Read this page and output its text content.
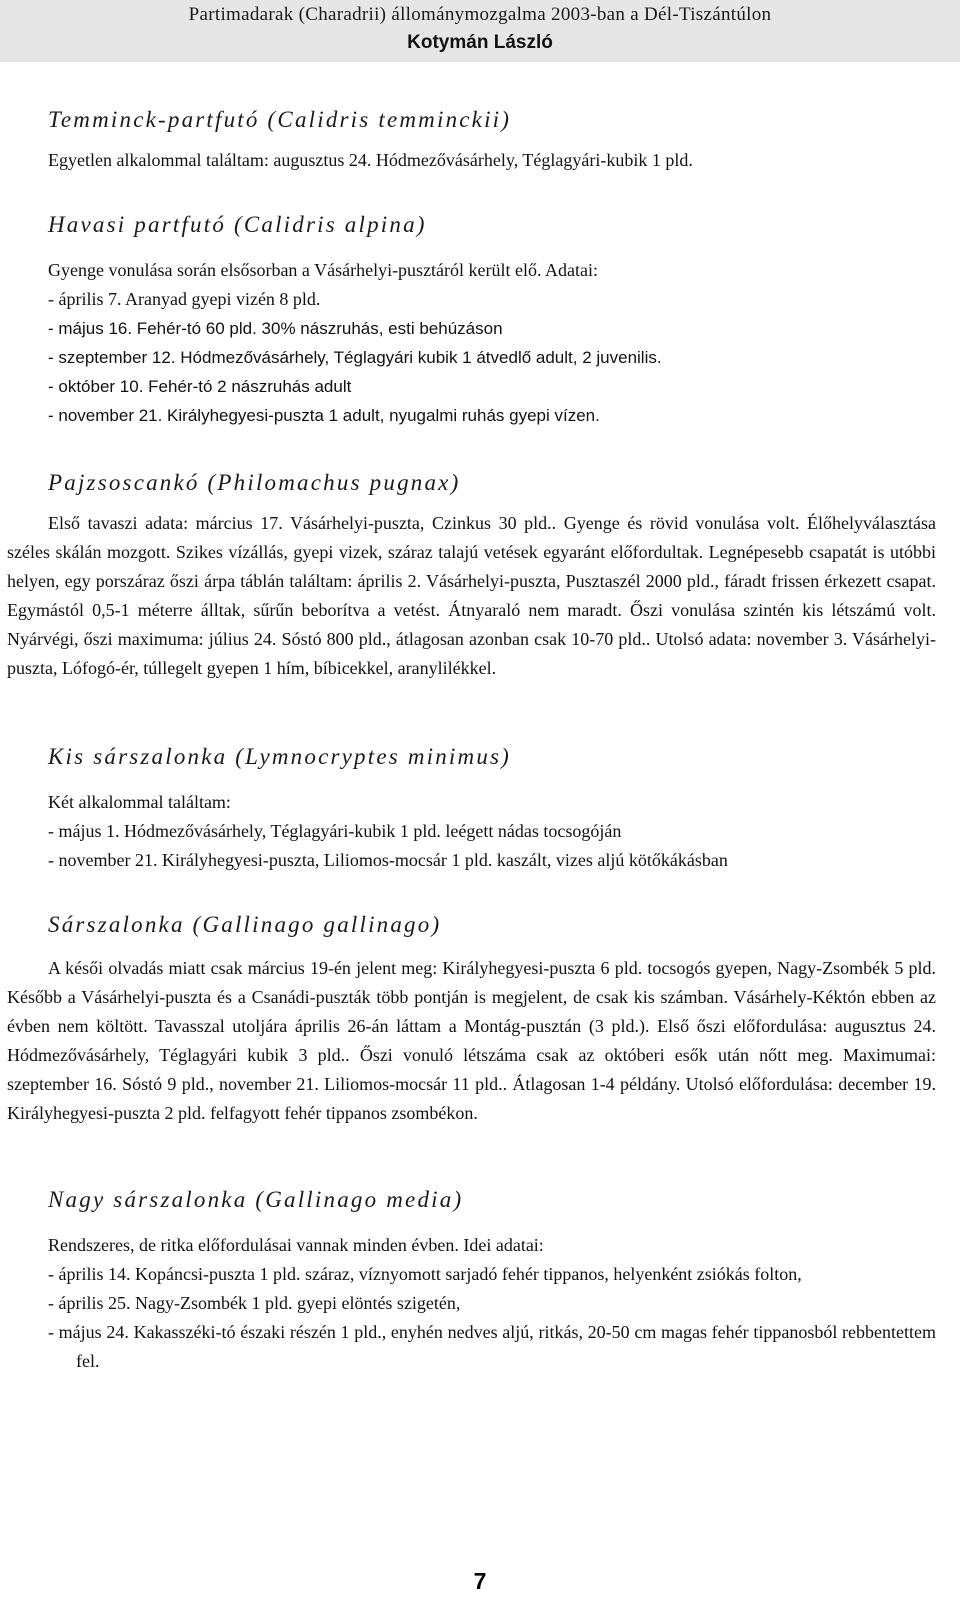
Partimadarak (Charadrii) állománymozgalma 2003-ban a Dél-Tiszántúlon
Kotymán László
Temminck-partfutó (Calidris temminckii)
Egyetlen alkalommal találtam: augusztus 24. Hódmezővásárhely, Téglagyári-kubik 1 pld.
Havasi partfutó (Calidris alpina)
Gyenge vonulása során elsősorban a Vásárhelyi-pusztáról került elő. Adatai:
- április 7. Aranyad gyepi vizén 8 pld.
- május 16. Fehér-tó 60 pld. 30% nászruhás, esti behúzáson
- szeptember 12. Hódmezővásárhely, Téglagyári kubik 1 átvedlő adult, 2 juvenilis.
- október 10. Fehér-tó 2 nászruhás adult
- november 21. Királyhegyesi-puszta 1 adult, nyugalmi ruhás gyepi vízen.
Pajzsoscankó (Philomachus pugnax)
Első tavaszi adata: március 17. Vásárhelyi-puszta, Czinkus 30 pld.. Gyenge és rövid vonulása volt. Élőhelyválasztása széles skálán mozgott. Szikes vízállás, gyepi vizek, száraz talajú vetések egyaránt előfordultak. Legnépesebb csapatát is utóbbi helyen, egy porszáraz őszi árpa táblán találtam: április 2. Vásárhelyi-puszta, Pusztaszél 2000 pld., fáradt frissen érkezett csapat. Egymástól 0,5-1 méterre álltak, sűrűn beborítva a vetést. Átnyaraló nem maradt. Őszi vonulása szintén kis létszámú volt. Nyárvégi, őszi maximuma: július 24. Sóstó 800 pld., átlagosan azonban csak 10-70 pld.. Utolsó adata: november 3. Vásárhelyi-puszta, Lófogó-ér, túllegelt gyepen 1 hím, bíbicekkel, aranylilékkel.
Kis sárszalonka (Lymnocryptes minimus)
Két alkalommal találtam:
- május 1. Hódmezővásárhely, Téglagyári-kubik 1 pld. leégett nádas tocsogóján
- november 21. Királyhegyesi-puszta, Liliomos-mocsár 1 pld. kaszált, vizes aljú kötőkákásban
Sárszalonka (Gallinago gallinago)
A késői olvadás miatt csak március 19-én jelent meg: Királyhegyesi-puszta 6 pld. tocsogós gyepen, Nagy-Zsombék 5 pld. Később a Vásárhelyi-puszta és a Csanádi-puszták több pontján is megjelent, de csak kis számban. Vásárhely-Kéktón ebben az évben nem költött. Tavasszal utoljára április 26-án láttam a Montág-pusztán (3 pld.). Első őszi előfordulása: augusztus 24. Hódmezővásárhely, Téglagyári kubik 3 pld.. Őszi vonuló létszáma csak az októberi esők után nőtt meg. Maximumai: szeptember 16. Sóstó 9 pld., november 21. Liliomos-mocsár 11 pld.. Átlagosan 1-4 példány. Utolsó előfordulása: december 19. Királyhegyesi-puszta 2 pld. felfagyott fehér tippanos zsombékon.
Nagy sárszalonka (Gallinago media)
Rendszeres, de ritka előfordulásai vannak minden évben. Idei adatai:
- április 14. Kopáncsi-puszta 1 pld. száraz, víznyomott sarjadó fehér tippanos, helyenként zsiókás folton,
- április 25. Nagy-Zsombék 1 pld. gyepi elöntés szigetén,
- május 24. Kakasszéki-tó északi részén 1 pld., enyhén nedves aljú, ritkás, 20-50 cm magas fehér tippanosból rebbentettem fel.
7
